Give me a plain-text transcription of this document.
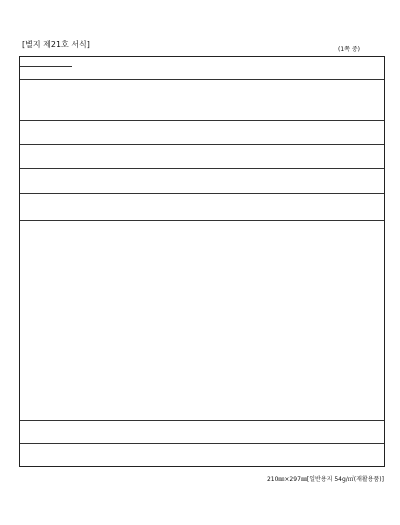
[별지 제21호 서식]
(1쪽 중)
210㎜×297㎜[일반용지 54g/㎡(재활용품)]
